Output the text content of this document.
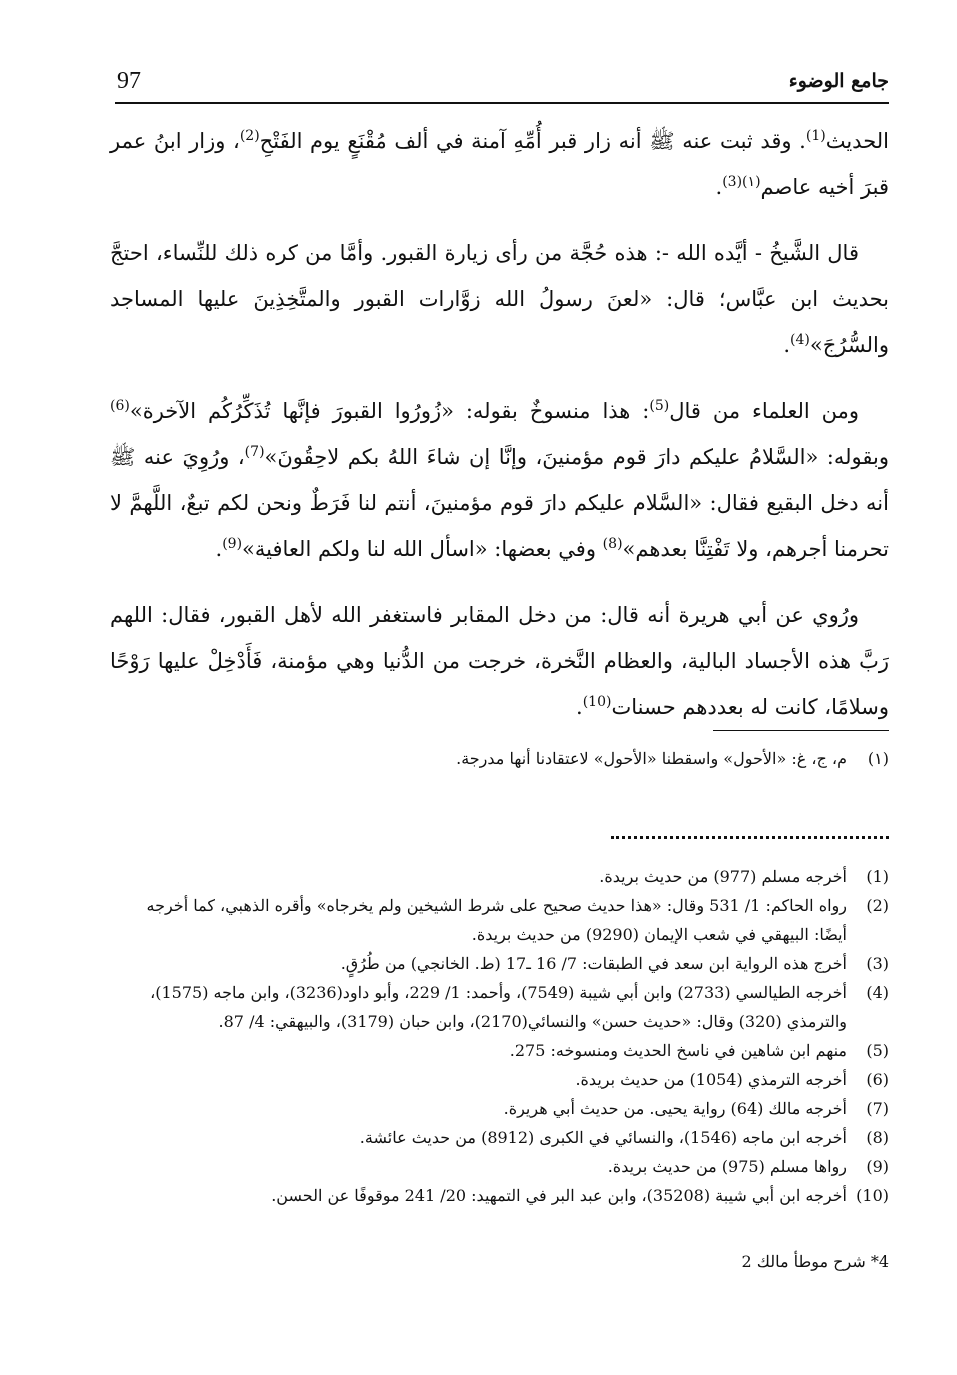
97	جامع الوضوء

الحديث$^{(1)}$. وقد ثبت عنه ﷺ أنه زار قبر أُمِّهِ آمنة في ألف مُقْنَعٍ يوم الفَتْحِ$^{(2)}$، وزار ابنُ عمر قبرَ أخيه عاصم$^{(١)(3)}$.

قال الشَّيخُ - أيَّده الله -: هذه حُجَّة من رأى زيارة القبور. وأمَّا من كره ذلك للنِّساء، احتجَّ بحديث ابن عبَّاس؛ قال: «لعنَ رسولُ الله زوَّارات القبور والمتَّخِذِينَ عليها المساجد والسُّرُجَ»$^{(4)}$.

ومن العلماء من قال$^{(5)}$: هذا منسوخٌ بقوله: «زُورُوا القبورَ فإنَّها تُذَكِّرُكُم الآخرة»$^{(6)}$ وبقوله: «السَّلامُ عليكم دارَ قوم مؤمنينَ، وإنَّا إن شاءَ اللهُ بكم لاحِقُونَ»$^{(7)}$، ورُوِيَ عنه ﷺ أنه دخل البقيع فقال: «السَّلام عليكم دارَ قوم مؤمنينَ، أنتم لنا فَرَطٌ ونحن لكم تبعٌ، اللَّهمَّ لا تحرمنا أجرهم، ولا تَفْتِنَّا بعدهم»$^{(8)}$ وفي بعضها: «اسأل الله لنا ولكم العافية»$^{(9)}$.

ورُوي عن أبي هريرة أنه قال: من دخل المقابر فاستغفر الله لأهل القبور، فقال: اللهم رَبَّ هذه الأجساد البالية، والعظام النَّخرة، خرجت من الدُّنيا وهي مؤمنة، فَأَدْخِلْ عليها رَوْحًا وسلامًا، كانت له بعددهم حسنات$^{(10)}$.

(١)
م، ج، غ: «الأحول» واسقطنا «الأحول» لاعتقادنا أنها مدرجة.
(1)
أخرجه مسلم (977) من حديث بريدة.
(2)
رواه الحاكم: 1/ 531 وقال: «هذا حديث صحيح على شرط الشيخين ولم يخرجاه» وأقره الذهبي، كما أخرجه أيضًا: البيهقي في شعب الإيمان (9290) من حديث بريدة.
(3)
أخرج هذه الرواية ابن سعد في الطبقات: 7/ 16 ـ17 (ط. الخانجي) من طُرُقٍ.
(4)
أخرجه الطيالسي (2733) وابن أبي شيبة (7549)، وأحمد: 1/ 229، وأبو داود(3236)، وابن ماجه (1575)، والترمذي (320) وقال: «حديث حسن» والنسائي(2170)، وابن حبان (3179)، والبيهقي: 4/ 87.
(5)
منهم ابن شاهين في ناسخ الحديث ومنسوخه: 275.
(6)
أخرجه الترمذي (1054) من حديث بريدة.
(7)
أخرجه مالك (64) رواية يحيى. من حديث أبي هريرة.
(8)
أخرجه ابن ماجه (1546)، والنسائي في الكبرى (8912) من حديث عائشة.
(9)
رواها مسلم (975) من حديث بريدة.
(10)
أخرجه ابن أبي شيبة (35208)، وابن عبد البر في التمهيد: 20/ 241 موقوفًا عن الحسن.
4* شرح موطأ مالك 2
